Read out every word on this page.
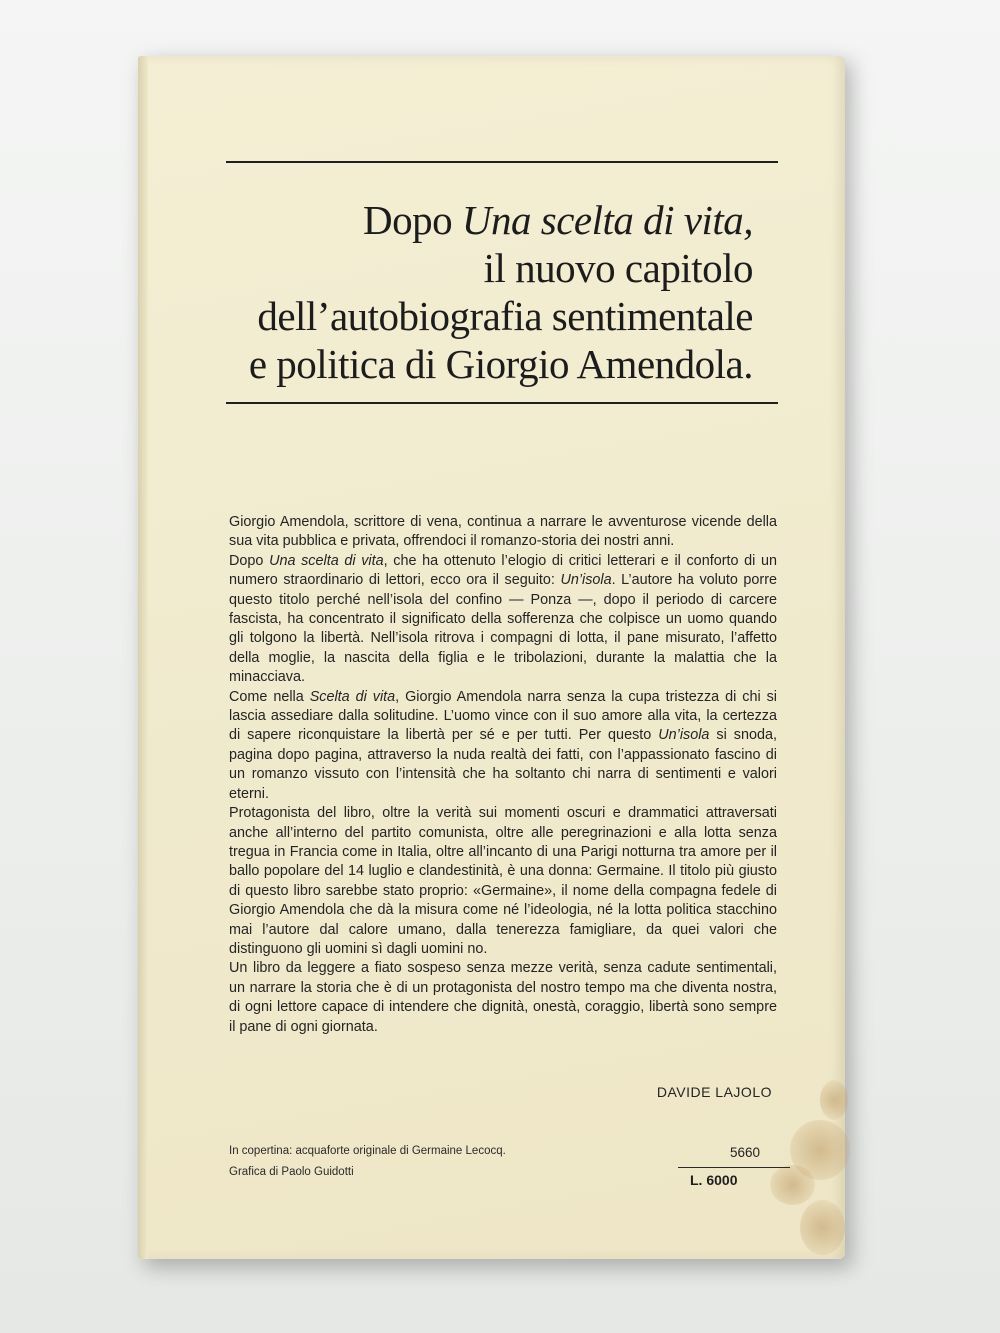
Dopo Una scelta di vita,
il nuovo capitolo
dell’autobiografia sentimentale
e politica di Giorgio Amendola.

Giorgio Amendola, scrittore di vena, continua a narrare le avventurose vicende della sua vita pubblica e privata, offrendoci il romanzo-storia dei nostri anni.

Dopo Una scelta di vita, che ha ottenuto l’elogio di critici letterari e il conforto di un numero straordinario di lettori, ecco ora il seguito: Un’isola. L’autore ha voluto porre questo titolo perché nell’isola del confino — Ponza —, dopo il periodo di carcere fascista, ha concentrato il significato della sofferenza che colpisce un uomo quando gli tolgono la libertà. Nell’isola ritrova i compagni di lotta, il pane misurato, l’affetto della moglie, la nascita della figlia e le tribolazioni, durante la malattia che la minacciava.

Come nella Scelta di vita, Giorgio Amendola narra senza la cupa tristezza di chi si lascia assediare dalla solitudine. L’uomo vince con il suo amore alla vita, la certezza di sapere riconquistare la libertà per sé e per tutti. Per questo Un’isola si snoda, pagina dopo pagina, attraverso la nuda realtà dei fatti, con l’appassionato fascino di un romanzo vissuto con l’intensità che ha soltanto chi narra di sentimenti e valori eterni.

Protagonista del libro, oltre la verità sui momenti oscuri e drammatici attraversati anche all’interno del partito comunista, oltre alle peregrinazioni e alla lotta senza tregua in Francia come in Italia, oltre all’incanto di una Parigi notturna tra amore per il ballo popolare del 14 luglio e clandestinità, è una donna: Germaine. Il titolo più giusto di questo libro sarebbe stato proprio: «Germaine», il nome della compagna fedele di Giorgio Amendola che dà la misura come né l’ideologia, né la lotta politica stacchino mai l’autore dal calore umano, dalla tenerezza famigliare, da quei valori che distinguono gli uomini sì dagli uomini no.

Un libro da leggere a fiato sospeso senza mezze verità, senza cadute sentimentali, un narrare la storia che è di un protagonista del nostro tempo ma che diventa nostra, di ogni lettore capace di intendere che dignità, onestà, coraggio, libertà sono sempre il pane di ogni giornata.

DAVIDE LAJOLO
In copertina: acquaforte originale di Germaine Lecocq.
Grafica di Paolo Guidotti
5660
L. 6000
